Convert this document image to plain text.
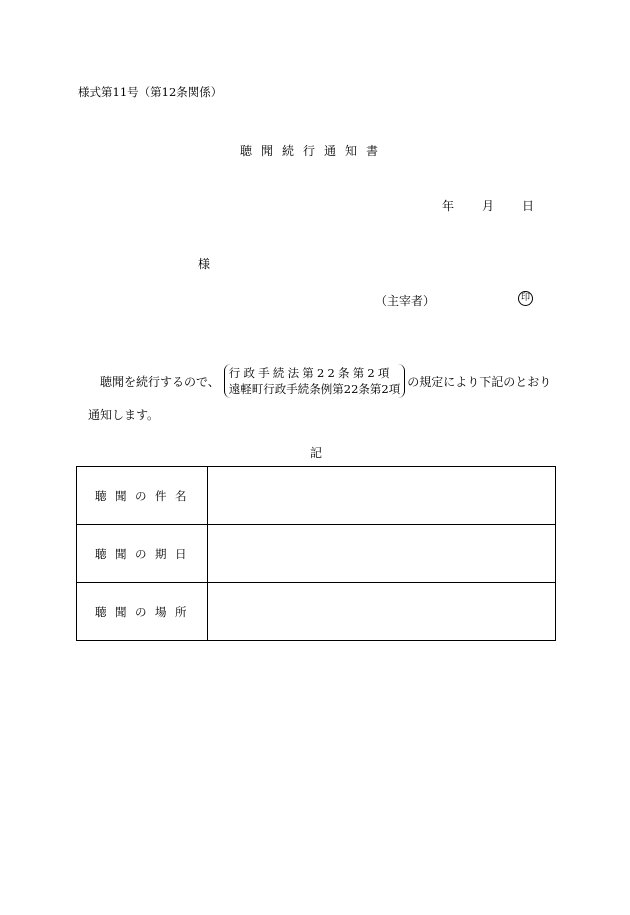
様式第11号（第12条関係）
聴聞続行通知書
年 月 日
様
（主宰者）	印
聴聞を続行するので、
行政手続法第22条第2項
遠軽町行政手続条例第22条第2項
の規定により下記のとおり
通知します。
記
聴聞の件名	
聴聞の期日	
聴聞の場所	
